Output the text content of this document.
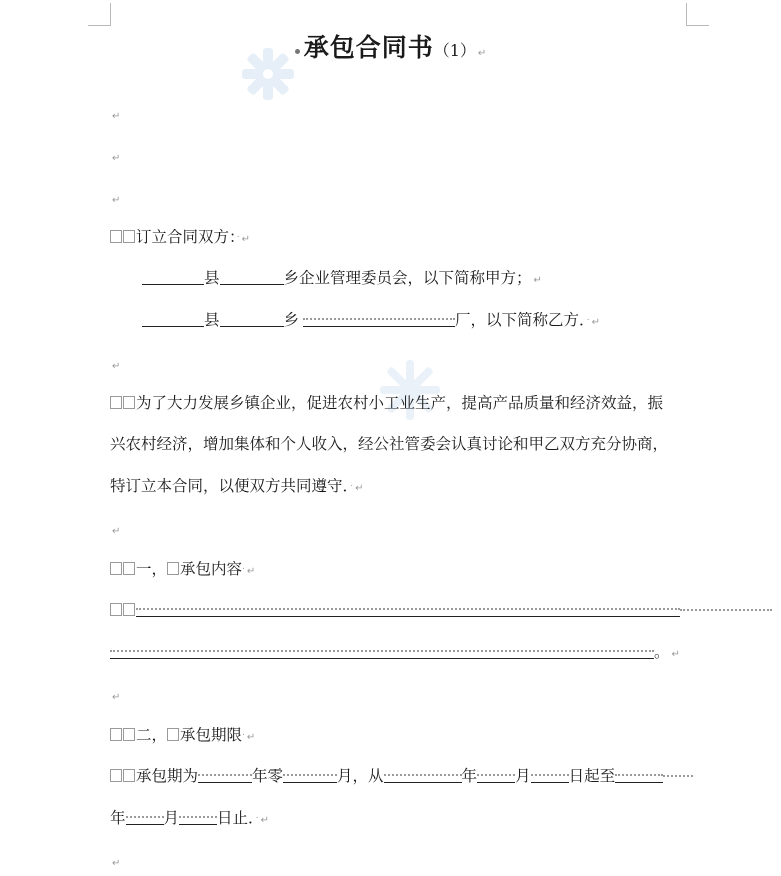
承包合同书（1） ↵
↵
↵
↵
订立合同双方：· ↵
县	乡企业管理委员会，以下简称甲方； ↵
县	乡	厂，以下简称乙方．· ↵
↵
为了大力发展乡镇企业，促进农村小工业生产，提高产品质量和经济效益，振
兴农村经济，增加集体和个人收入，经公社管委会认真讨论和甲乙双方充分协商，
特订立本合同，以便双方共同遵守．· ↵
↵
一， 承包内容· ↵
。 ↵
↵
二， 承包期限· ↵
承包期为	年零	月，从	年 月 日起至
年 月 日止．· ↵
↵
